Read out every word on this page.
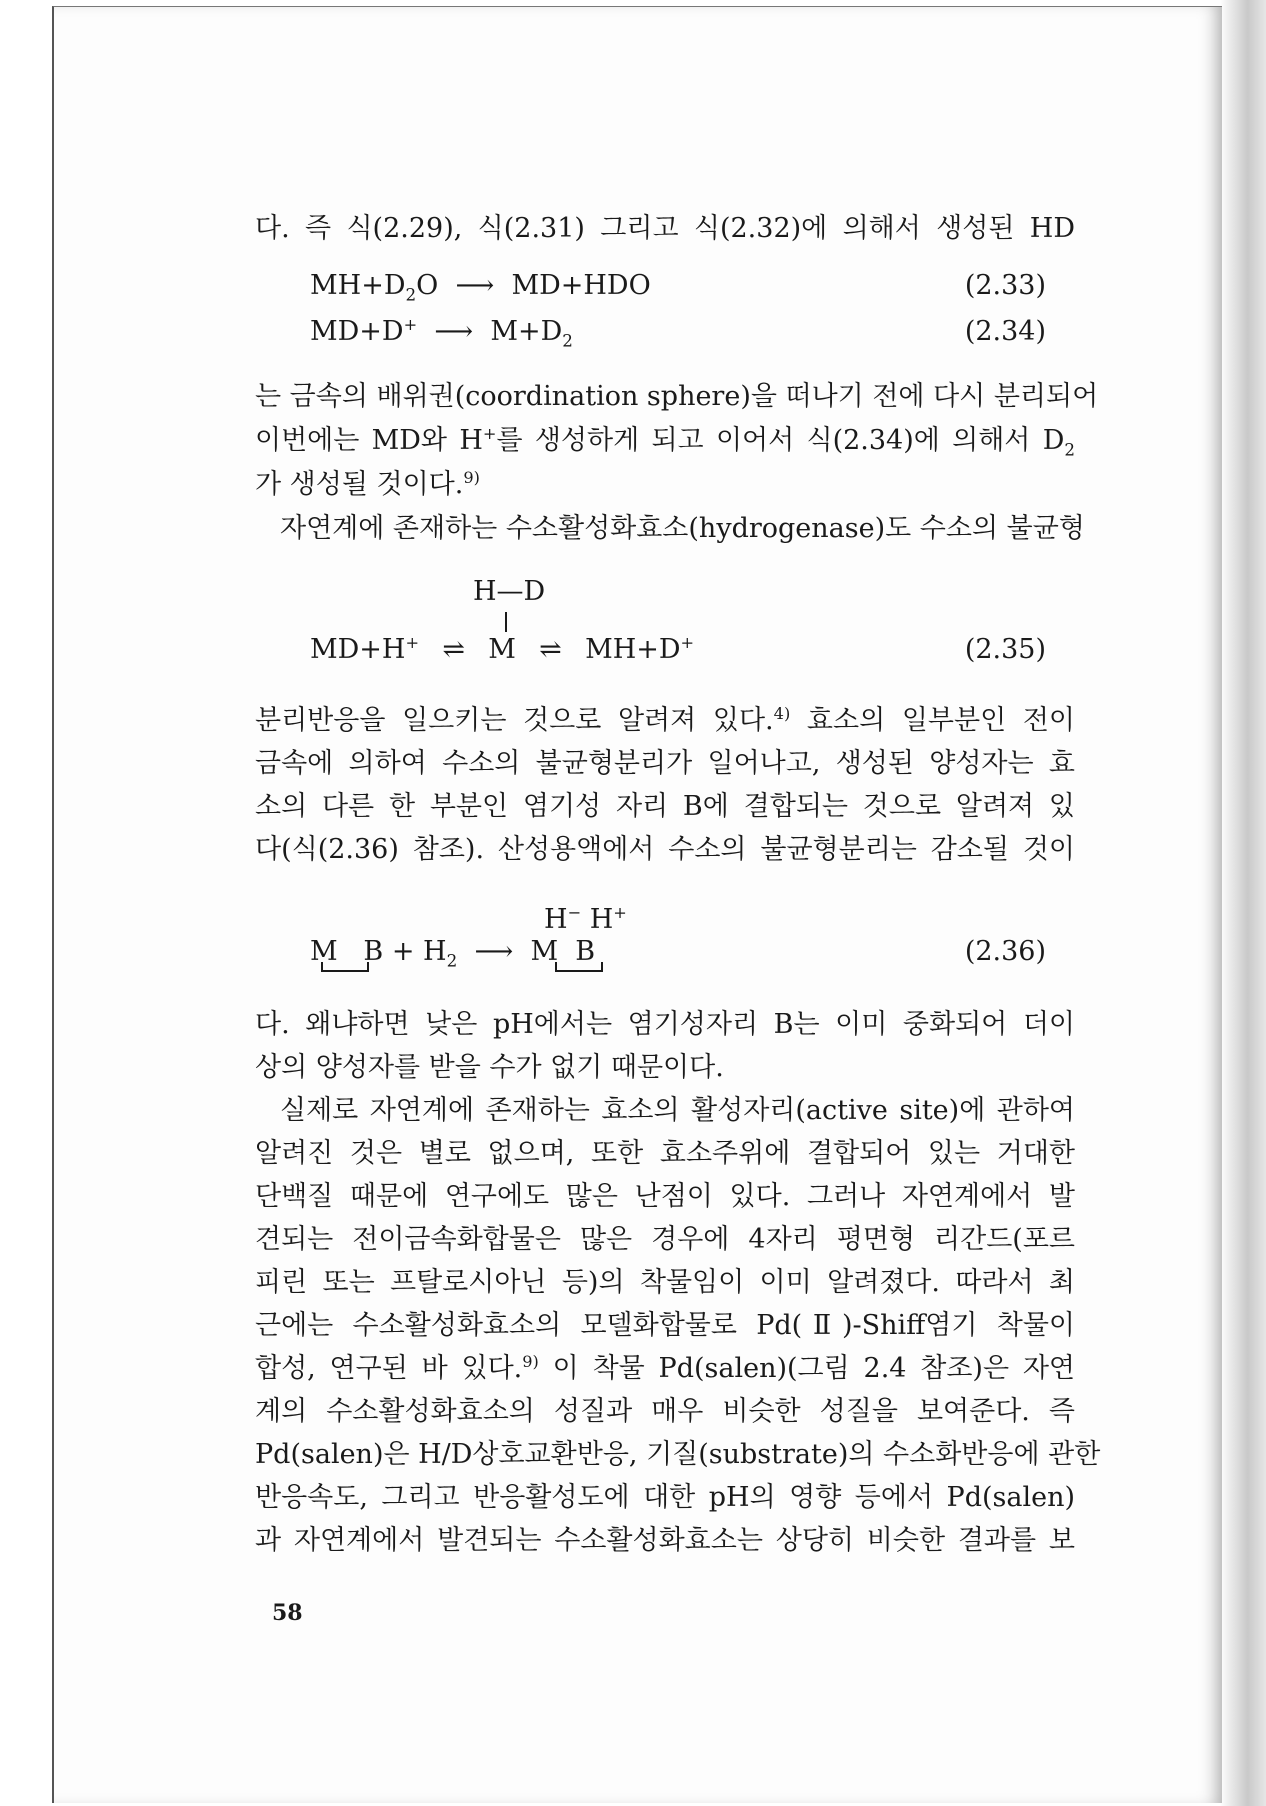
다. 즉 식(2.29), 식(2.31) 그리고 식(2.32)에 의해서 생성된 HD
$MH+D_2O$ ⟶ MD+HDO	(2.33)
MD+D+ ⟶ $M+D_2$	(2.34)
는 금속의 배위권(coordination sphere)을 떠나기 전에 다시 분리되어
이번에는 MD와 H+를 생성하게 되고 이어서 식(2.34)에 의해서 $D_2$
가 생성될 것이다.$^{9)}$
자연계에 존재하는 수소활성화효소(hydrogenase)도 수소의 불균형
H—D
MD+H+ ⇌ M ⇌ MH+D+	(2.35)
분리반응을 일으키는 것으로 알려져 있다.$^{4)}$ 효소의 일부분인 전이
금속에 의하여 수소의 불균형분리가 일어나고, 생성된 양성자는 효
소의 다른 한 부분인 염기성 자리 B에 결합되는 것으로 알려져 있
다(식(2.36) 참조). 산성용액에서 수소의 불균형분리는 감소될 것이
H− H+
M $B + H_2$ ⟶ M B	(2.36)
다. 왜냐하면 낮은 pH에서는 염기성자리 B는 이미 중화되어 더이
상의 양성자를 받을 수가 없기 때문이다.
실제로 자연계에 존재하는 효소의 활성자리(active site)에 관하여
알려진 것은 별로 없으며, 또한 효소주위에 결합되어 있는 거대한
단백질 때문에 연구에도 많은 난점이 있다. 그러나 자연계에서 발
견되는 전이금속화합물은 많은 경우에 4자리 평면형 리간드(포르
피린 또는 프탈로시아닌 등)의 착물임이 이미 알려졌다. 따라서 최
근에는 수소활성화효소의 모델화합물로 Pd(Ⅱ)-Shiff염기 착물이
합성, 연구된 바 있다.$^{9)}$ 이 착물 Pd(salen)(그림 2.4 참조)은 자연
계의 수소활성화효소의 성질과 매우 비슷한 성질을 보여준다. 즉
Pd(salen)은 H/D상호교환반응, 기질(substrate)의 수소화반응에 관한
반응속도, 그리고 반응활성도에 대한 pH의 영향 등에서 Pd(salen)
과 자연계에서 발견되는 수소활성화효소는 상당히 비슷한 결과를 보
58
